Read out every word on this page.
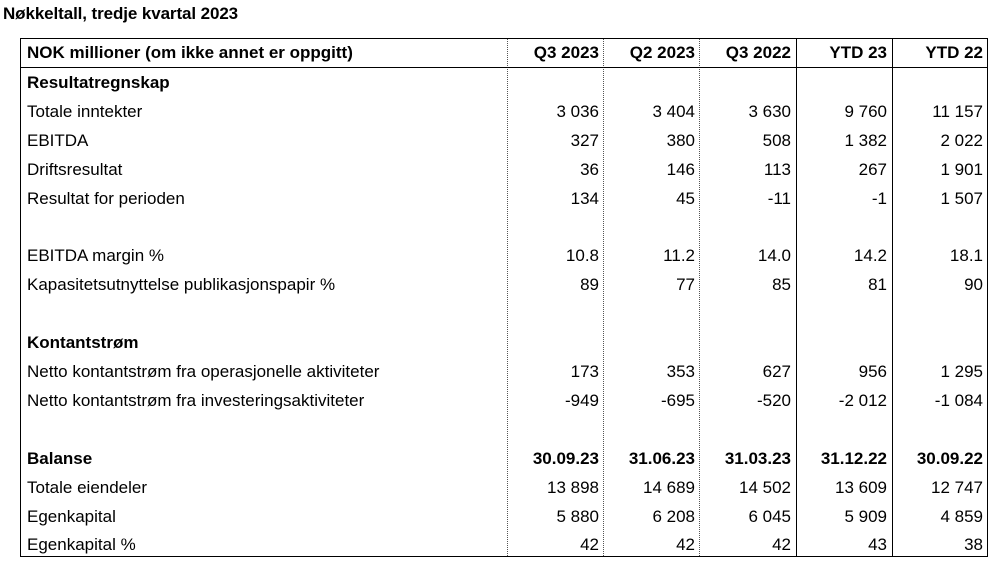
Nøkkeltall, tredje kvartal 2023
NOK millioner (om ikke annet er oppgitt)	Q3 2023	Q2 2023	Q3 2022	YTD 23	YTD 22
Resultatregnskap
Totale inntekter	3 036	3 404	3 630	9 760	11 157
EBITDA	327	380	508	1 382	2 022
Driftsresultat	36	146	113	267	1 901
Resultat for perioden	134	45	-11	-1	1 507
EBITDA margin %	10.8	11.2	14.0	14.2	18.1
Kapasitetsutnyttelse publikasjonspapir %	89	77	85	81	90
Kontantstrøm
Netto kontantstrøm fra operasjonelle aktiviteter	173	353	627	956	1 295
Netto kontantstrøm fra investeringsaktiviteter	-949	-695	-520	-2 012	-1 084
Balanse	30.09.23	31.06.23	31.03.23	31.12.22	30.09.22
Totale eiendeler	13 898	14 689	14 502	13 609	12 747
Egenkapital	5 880	6 208	6 045	5 909	4 859
Egenkapital %	42	42	42	43	38
